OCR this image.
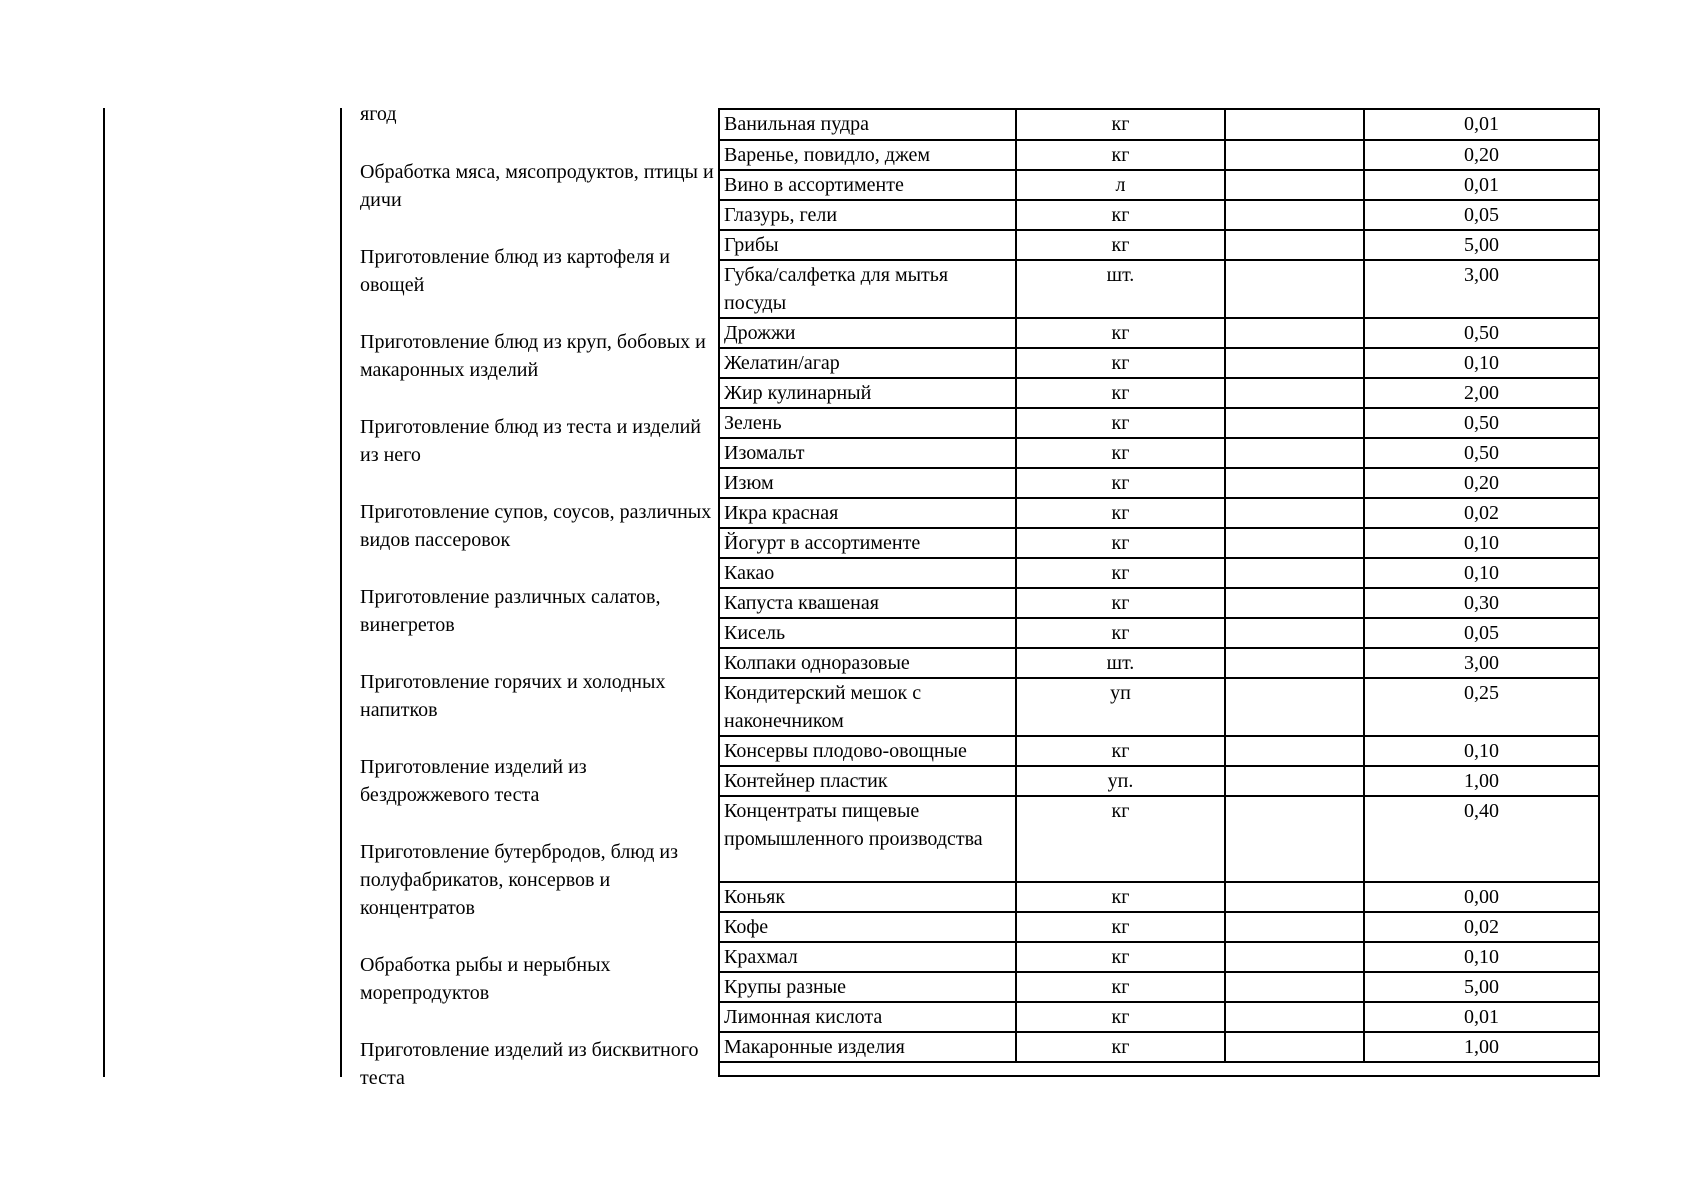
ягод
Обработка мяса, мясопродуктов, птицы и дичи
Приготовление блюд из картофеля и овощей
Приготовление блюд из круп, бобовых и макаронных изделий
Приготовление блюд из теста и изделий из него
Приготовление супов, соусов, различных видов пассеровок
Приготовление различных салатов, винегретов
Приготовление горячих и холодных напитков
Приготовление изделий из бездрожжевого теста
Приготовление бутербродов, блюд из полуфабрикатов, консервов и концентратов
Обработка рыбы и нерыбных морепродуктов
Приготовление изделий из бисквитного теста
Ванильная пудра	кг		0,01
Варенье, повидло, джем	кг		0,20
Вино в ассортименте	л		0,01
Глазурь, гели	кг		0,05
Грибы	кг		5,00
Губка/салфетка для мытья посуды	шт.		3,00
Дрожжи	кг		0,50
Желатин/агар	кг		0,10
Жир кулинарный	кг		2,00
Зелень	кг		0,50
Изомальт	кг		0,50
Изюм	кг		0,20
Икра красная	кг		0,02
Йогурт в ассортименте	кг		0,10
Какао	кг		0,10
Капуста квашеная	кг		0,30
Кисель	кг		0,05
Колпаки одноразовые	шт.		3,00
Кондитерский мешок с наконечником	уп		0,25
Консервы плодово-овощные	кг		0,10
Контейнер пластик	уп.		1,00
Концентраты пищевые промышленного производства	кг		0,40
Коньяк	кг		0,00
Кофе	кг		0,02
Крахмал	кг		0,10
Крупы разные	кг		5,00
Лимонная кислота	кг		0,01
Макаронные изделия	кг		1,00
